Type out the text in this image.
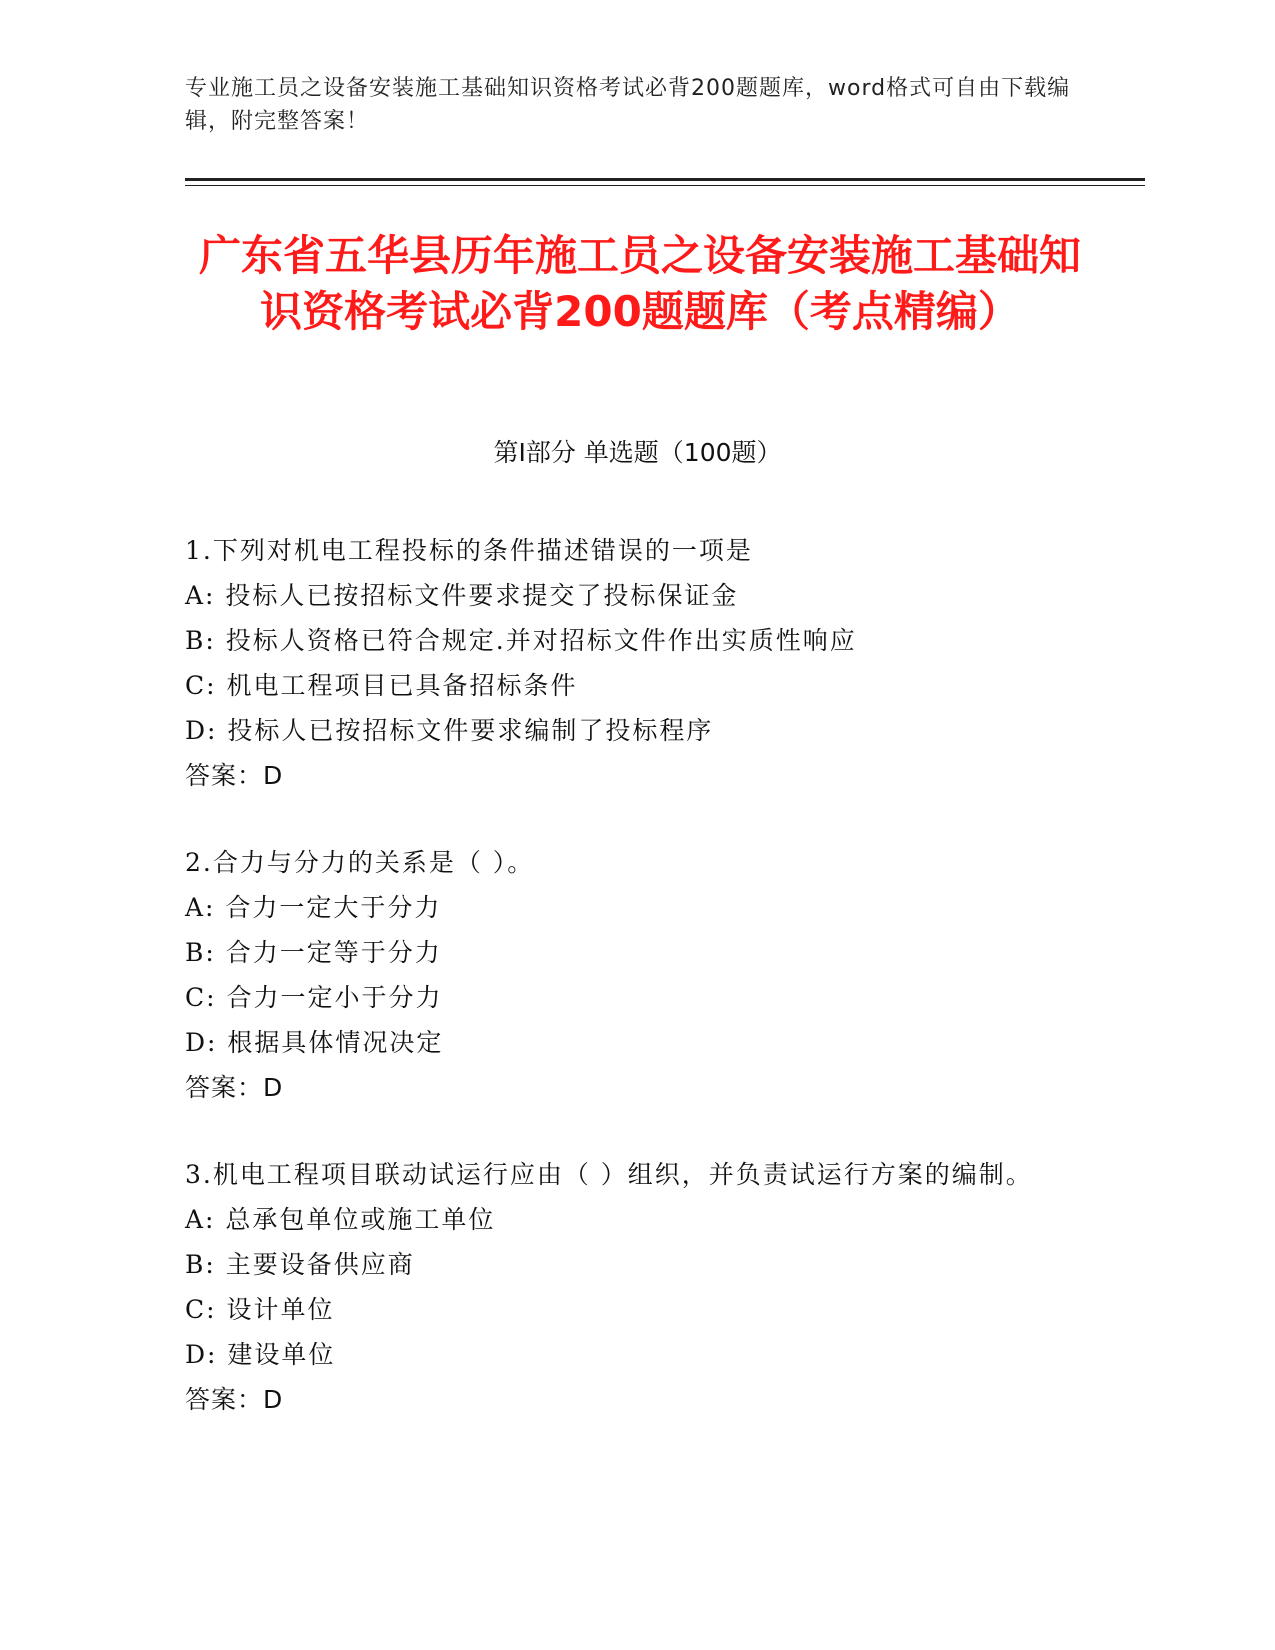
专业施工员之设备安装施工基础知识资格考试必背200题题库，word格式可自由下载编辑，附完整答案！
广东省五华县历年施工员之设备安装施工基础知识资格考试必背200题题库（考点精编）
第Ⅰ部分 单选题（100题）
1.下列对机电工程投标的条件描述错误的一项是
A: 投标人已按招标文件要求提交了投标保证金
B: 投标人资格已符合规定.并对招标文件作出实质性响应
C: 机电工程项目已具备招标条件
D: 投标人已按招标文件要求编制了投标程序
答案：D
2.合力与分力的关系是（ ）。
A: 合力一定大于分力
B: 合力一定等于分力
C: 合力一定小于分力
D: 根据具体情况决定
答案：D
3.机电工程项目联动试运行应由（ ）组织，并负责试运行方案的编制。
A: 总承包单位或施工单位
B: 主要设备供应商
C: 设计单位
D: 建设单位
答案：D
